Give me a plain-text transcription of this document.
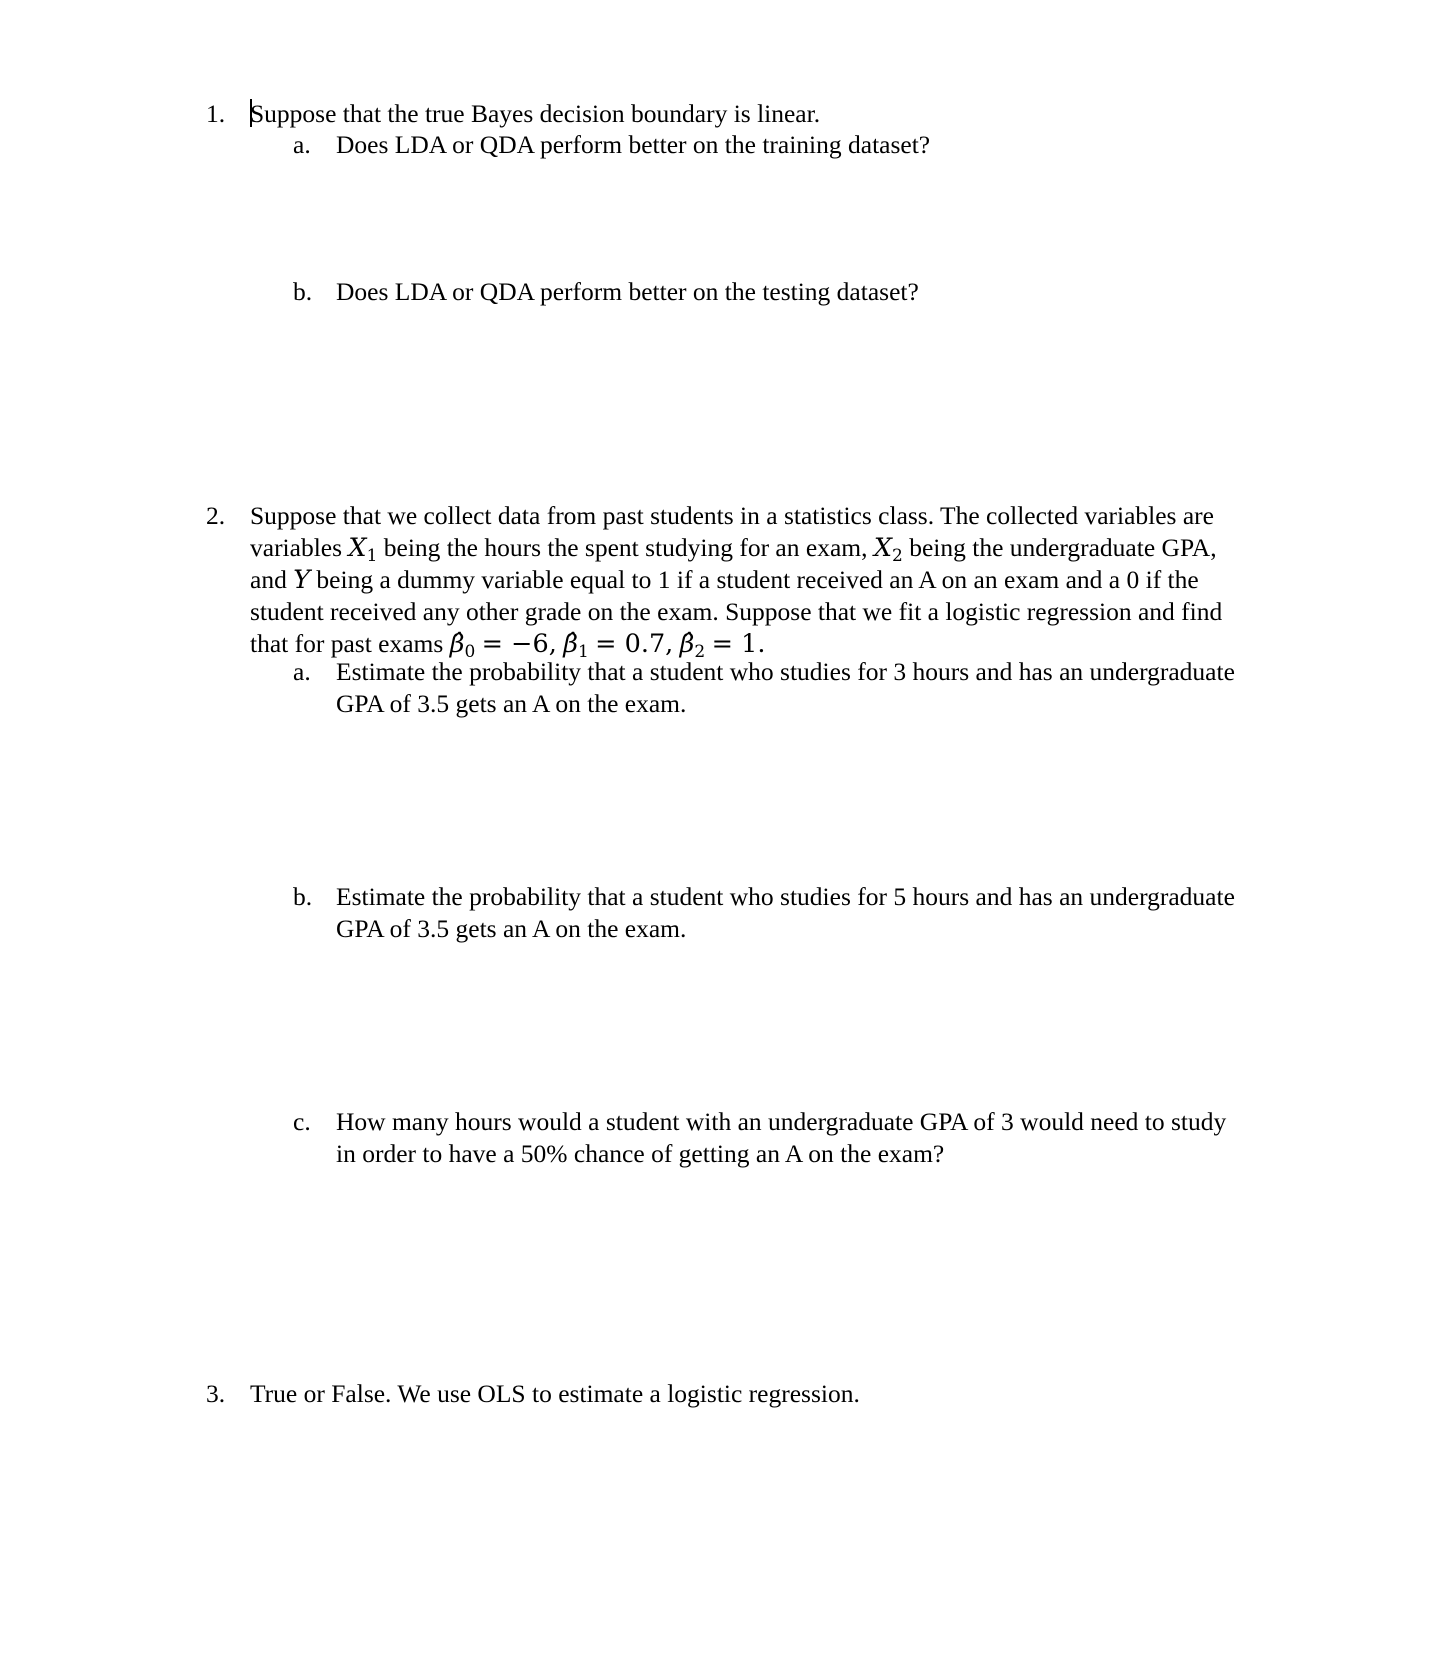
1. Suppose that the true Bayes decision boundary is linear.
a. Does LDA or QDA perform better on the training dataset?
b. Does LDA or QDA perform better on the testing dataset?
2. Suppose that we collect data from past students in a statistics class. The collected variables are
variables $X_1$ being the hours the spent studying for an exam, $X_2$ being the undergraduate GPA,
and Y being a dummy variable equal to 1 if a student received an A on an exam and a 0 if the
student received any other grade on the exam. Suppose that we fit a logistic regression and find
that for past exams $\betâ_0 = -6$, $\betâ_1 = 0.7$, $\betâ_2 = 1$.
a. Estimate the probability that a student who studies for 3 hours and has an undergraduate
GPA of 3.5 gets an A on the exam.
b. Estimate the probability that a student who studies for 5 hours and has an undergraduate
GPA of 3.5 gets an A on the exam.
c. How many hours would a student with an undergraduate GPA of 3 would need to study
in order to have a 50% chance of getting an A on the exam?
3. True or False. We use OLS to estimate a logistic regression.
